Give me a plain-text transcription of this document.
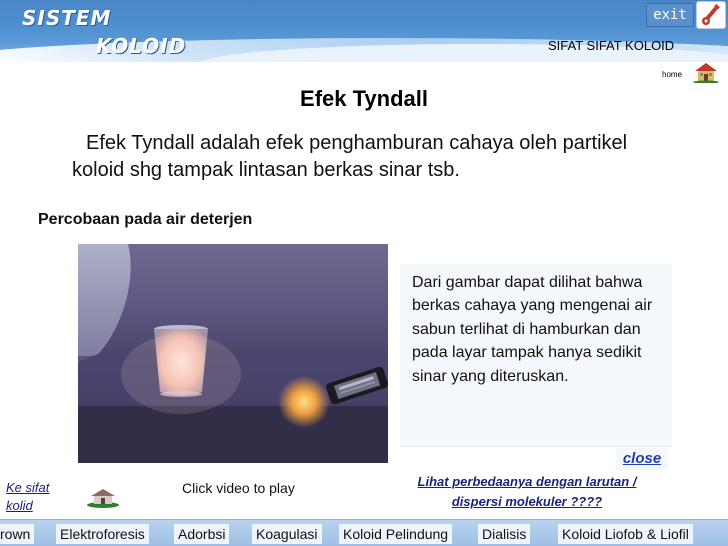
SISTEM
KOLOID
exit
SIFAT SIFAT KOLOID
home
Efek Tyndall
Efek Tyndall adalah efek penghamburan cahaya oleh partikel koloid shg tampak lintasan berkas sinar tsb.
Percobaan pada air deterjen
Dari gambar dapat dilihat bahwa berkas cahaya yang mengenai air sabun terlihat di hamburkan dan pada layar tampak hanya sedikit sinar yang diteruskan.
close
Ke sifat
kolid
Click video to play	Lihat perbedaanya dengan larutan / dispersi molekuler ????
rown Elektroforesis Adorbsi Koagulasi Koloid Pelindung Dialisis	Koloid Liofob & Liofil
